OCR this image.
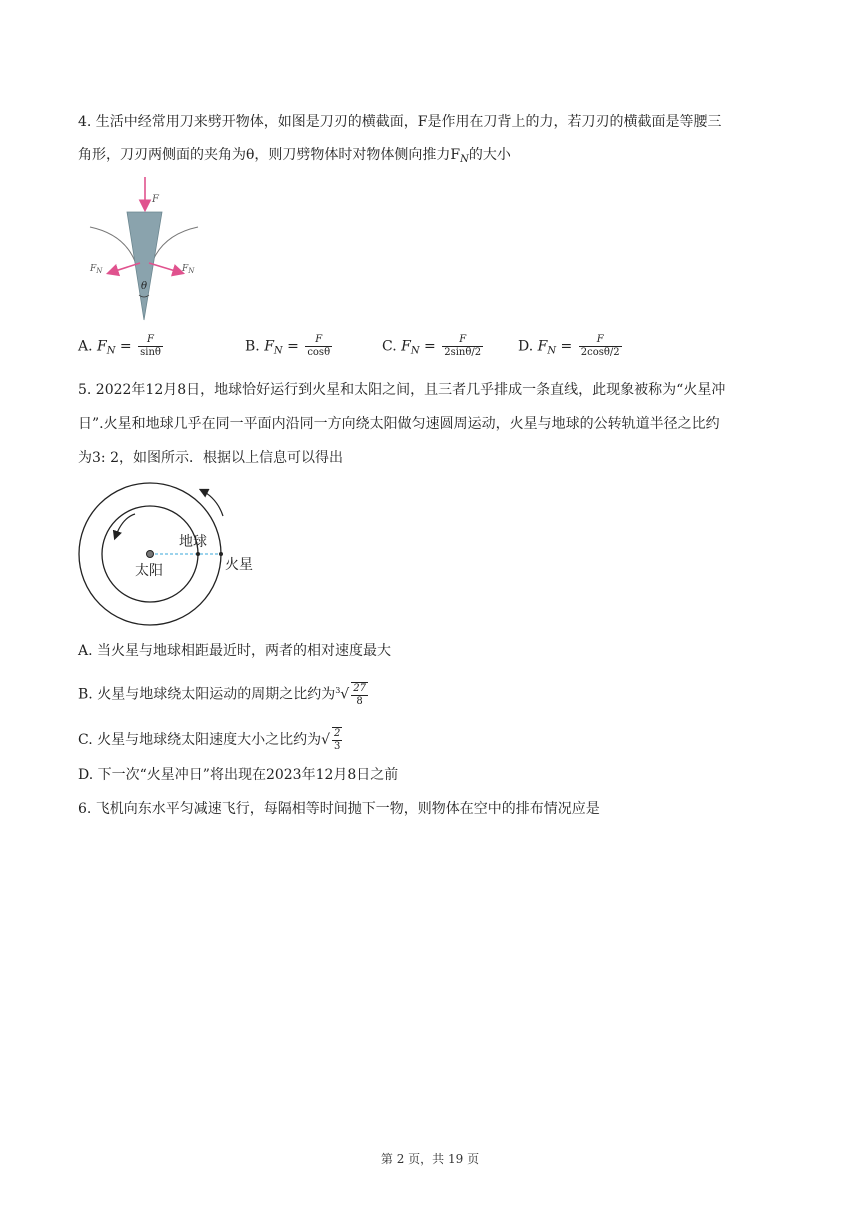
4. 生活中经常用刀来劈开物体，如图是刀刃的横截面，F是作用在刀背上的力，若刀刃的横截面是等腰三
角形，刀刃两侧面的夹角为θ，则刀劈物体时对物体侧向推力$F_N$的大小
F
$F_N$	$F_N$
θ
A. $F_N = \frac{F}{\sin\theta}$	B. $F_N = \frac{F}{\cos\theta}$	C. $F_N = \frac{F}{2\sin\theta/2} D$. $F_N = \frac{F}{2\cos\theta/2}$
5. 2022年12月8日，地球恰好运行到火星和太阳之间，且三者几乎排成一条直线，此现象被称为“火星冲
日”.火星和地球几乎在同一平面内沿同一方向绕太阳做匀速圆周运动，火星与地球的公转轨道半径之比约
为3: 2，如图所示．根据以上信息可以得出
太阳
地球
火星
A. 当火星与地球相距最近时，两者的相对速度最大
B. 火星与地球绕太阳运动的周期之比约为$^3√ \frac{27}{8}$
C. 火星与地球绕太阳速度大小之比约为√ $\frac{2}{3}$
D. 下一次“火星冲日”将出现在2023年12月8日之前
6. 飞机向东水平匀减速飞行，每隔相等时间抛下一物，则物体在空中的排布情况应是
第 2 页，共 19 页
